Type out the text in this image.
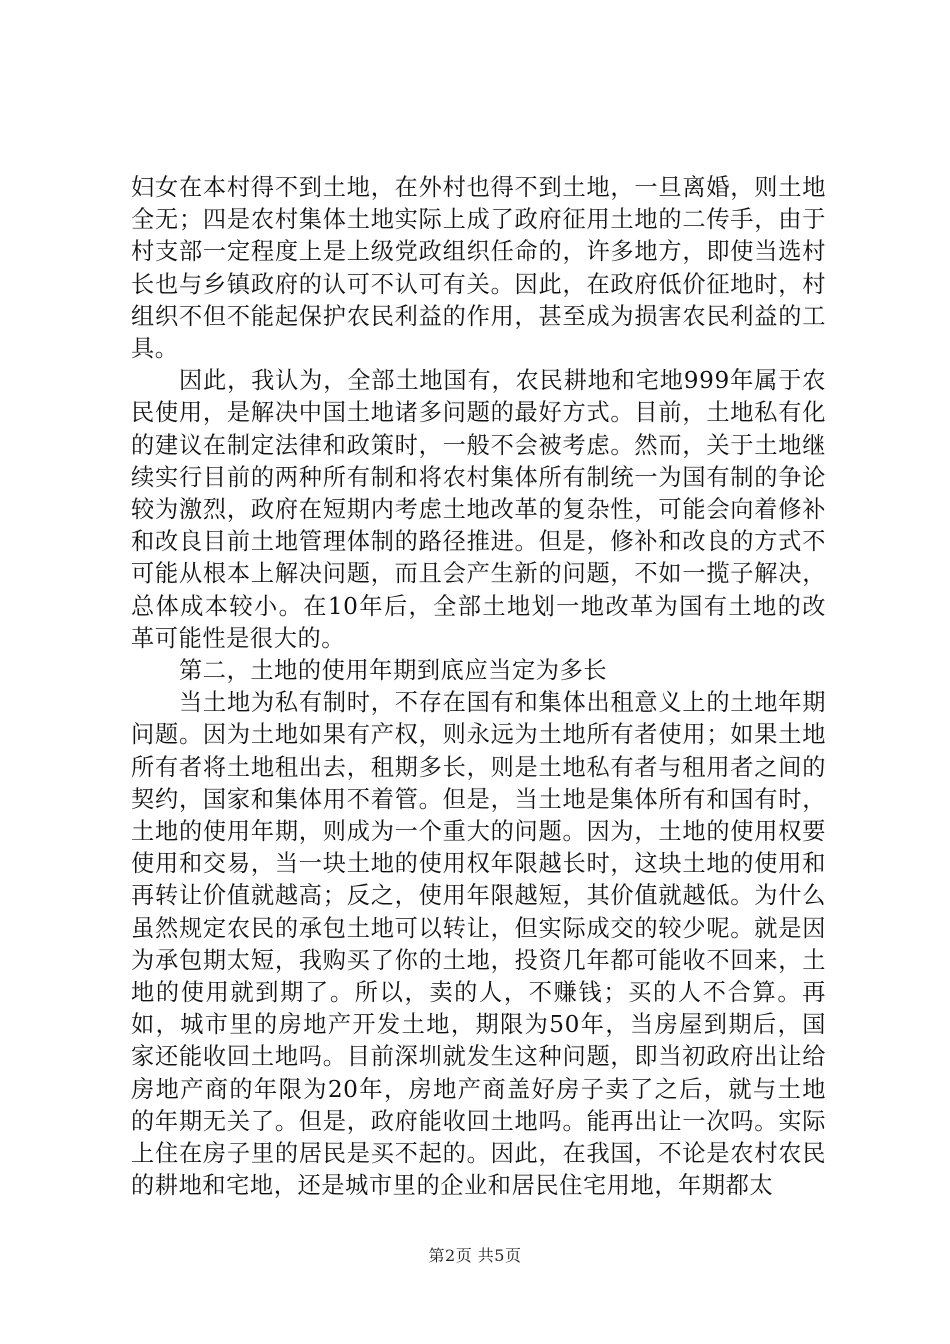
妇女在本村得不到土地，在外村也得不到土地，一旦离婚，则土地全无；四是农村集体土地实际上成了政府征用土地的二传手，由于村支部一定程度上是上级党政组织任命的，许多地方，即使当选村长也与乡镇政府的认可不认可有关。因此，在政府低价征地时，村组织不但不能起保护农民利益的作用，甚至成为损害农民利益的工具。

因此，我认为，全部土地国有，农民耕地和宅地999年属于农民使用，是解决中国土地诸多问题的最好方式。目前，土地私有化的建议在制定法律和政策时，一般不会被考虑。然而，关于土地继续实行目前的两种所有制和将农村集体所有制统一为国有制的争论较为激烈，政府在短期内考虑土地改革的复杂性，可能会向着修补和改良目前土地管理体制的路径推进。但是，修补和改良的方式不可能从根本上解决问题，而且会产生新的问题，不如一揽子解决，总体成本较小。在10年后，全部土地划一地改革为国有土地的改革可能性是很大的。

第二，土地的使用年期到底应当定为多长

当土地为私有制时，不存在国有和集体出租意义上的土地年期问题。因为土地如果有产权，则永远为土地所有者使用；如果土地所有者将土地租出去，租期多长，则是土地私有者与租用者之间的契约，国家和集体用不着管。但是，当土地是集体所有和国有时，土地的使用年期，则成为一个重大的问题。因为，土地的使用权要使用和交易，当一块土地的使用权年限越长时，这块土地的使用和再转让价值就越高；反之，使用年限越短，其价值就越低。为什么虽然规定农民的承包土地可以转让，但实际成交的较少呢。就是因为承包期太短，我购买了你的土地，投资几年都可能收不回来，土地的使用就到期了。所以，卖的人，不赚钱；买的人不合算。再如，城市里的房地产开发土地，期限为50年，当房屋到期后，国家还能收回土地吗。目前深圳就发生这种问题，即当初政府出让给房地产商的年限为20年，房地产商盖好房子卖了之后，就与土地的年期无关了。但是，政府能收回土地吗。能再出让一次吗。实际上住在房子里的居民是买不起的。因此，在我国，不论是农村农民的耕地和宅地，还是城市里的企业和居民住宅用地，年期都太

第2页 共5页
